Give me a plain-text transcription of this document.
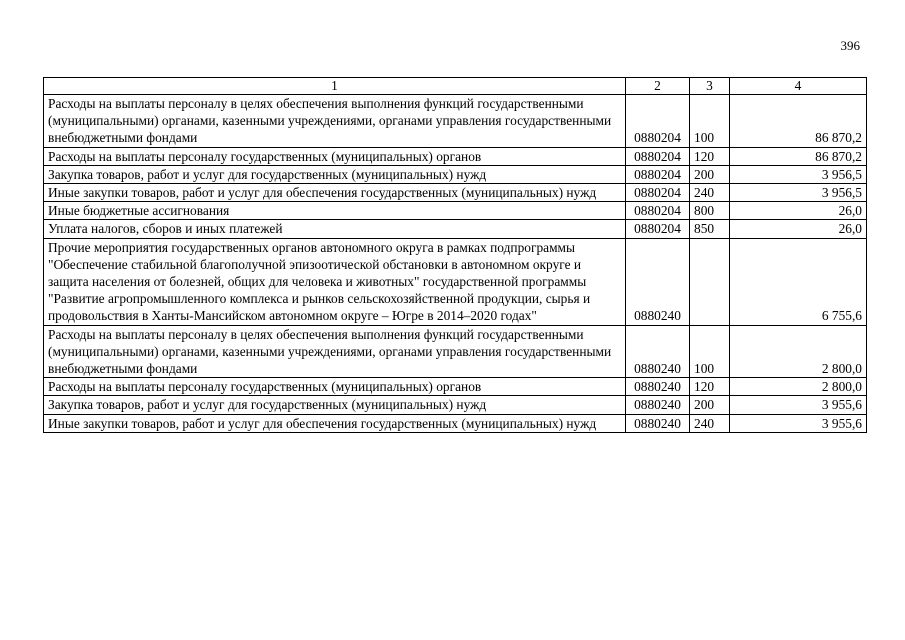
396
1	2	3	4
Расходы на выплаты персоналу в целях обеспечения выполнения функций государственными (муниципальными) органами, казенными учреждениями, органами управления государственными внебюджетными фондами	0880204	100	86 870,2
Расходы на выплаты персоналу государственных (муниципальных) органов	0880204	120	86 870,2
Закупка товаров, работ и услуг для государственных (муниципальных) нужд	0880204	200	3 956,5
Иные закупки товаров, работ и услуг для обеспечения государственных (муниципальных) нужд	0880204	240	3 956,5
Иные бюджетные ассигнования	0880204	800	26,0
Уплата налогов, сборов и иных платежей	0880204	850	26,0
Прочие мероприятия государственных органов автономного округа в рамках подпрограммы "Обеспечение стабильной благополучной эпизоотической обстановки в автономном округе и защита населения от болезней, общих для человека и животных" государственной программы "Развитие агропромышленного комплекса и рынков сельскохозяйственной продукции, сырья и продовольствия в Ханты-Мансийском автономном округе – Югре в 2014–2020 годах"	0880240		6 755,6
Расходы на выплаты персоналу в целях обеспечения выполнения функций государственными (муниципальными) органами, казенными учреждениями, органами управления государственными внебюджетными фондами	0880240	100	2 800,0
Расходы на выплаты персоналу государственных (муниципальных) органов	0880240	120	2 800,0
Закупка товаров, работ и услуг для государственных (муниципальных) нужд	0880240	200	3 955,6
Иные закупки товаров, работ и услуг для обеспечения государственных (муниципальных) нужд	0880240	240	3 955,6
